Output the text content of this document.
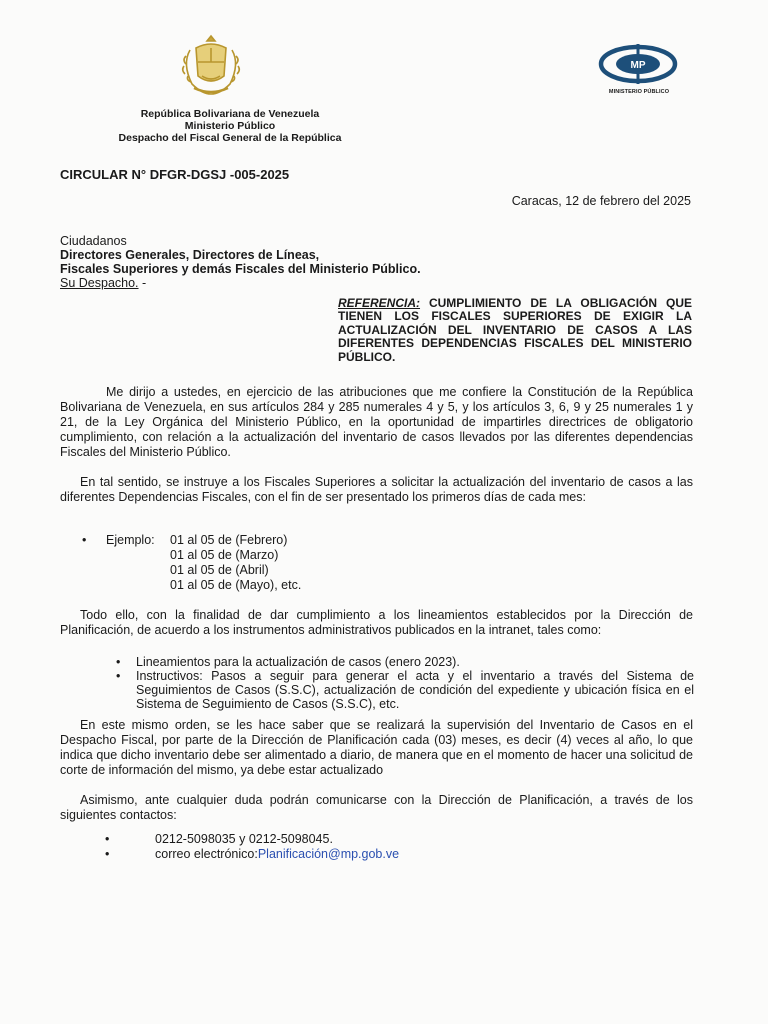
MP
MINISTERIO PÚBLICO
República Bolivariana de Venezuela
Ministerio Público
Despacho del Fiscal General de la República
CIRCULAR N° DFGR-DGSJ -005-2025
Caracas, 12 de febrero del 2025
Ciudadanos
Directores Generales, Directores de Líneas,
Fiscales Superiores y demás Fiscales del Ministerio Público.
Su Despacho. -
REFERENCIA: CUMPLIMIENTO DE LA OBLIGACIÓN QUE TIENEN LOS FISCALES SUPERIORES DE EXIGIR LA ACTUALIZACIÓN DEL INVENTARIO DE CASOS A LAS DIFERENTES DEPENDENCIAS FISCALES DEL MINISTERIO PÚBLICO.
Me dirijo a ustedes, en ejercicio de las atribuciones que me confiere la Constitución de la República Bolivariana de Venezuela, en sus artículos 284 y 285 numerales 4 y 5, y los artículos 3, 6, 9 y 25 numerales 1 y 21, de la Ley Orgánica del Ministerio Público, en la oportunidad de impartirles directrices de obligatorio cumplimiento, con relación a la actualización del inventario de casos llevados por las diferentes dependencias Fiscales del Ministerio Público.
En tal sentido, se instruye a los Fiscales Superiores a solicitar la actualización del inventario de casos a las diferentes Dependencias Fiscales, con el fin de ser presentado los primeros días de cada mes:
•	Ejemplo:	01 al 05 de (Febrero)
01 al 05 de (Marzo)
01 al 05 de (Abril)
01 al 05 de (Mayo), etc.
Todo ello, con la finalidad de dar cumplimiento a los lineamientos establecidos por la Dirección de Planificación, de acuerdo a los instrumentos administrativos publicados en la intranet, tales como:
•	Lineamientos para la actualización de casos (enero 2023).
•	Instructivos: Pasos a seguir para generar el acta y el inventario a través del Sistema de Seguimientos de Casos (S.S.C), actualización de condición del expediente y ubicación física en el Sistema de Seguimiento de Casos (S.S.C), etc.
En este mismo orden, se les hace saber que se realizará la supervisión del Inventario de Casos en el Despacho Fiscal, por parte de la Dirección de Planificación cada (03) meses, es decir (4) veces al año, lo que indica que dicho inventario debe ser alimentado a diario, de manera que en el momento de hacer una solicitud de corte de información del mismo, ya debe estar actualizado
Asimismo, ante cualquier duda podrán comunicarse con la Dirección de Planificación, a través de los siguientes contactos:
•	0212-5098035 y 0212-5098045.
•	correo electrónico: Planificación@mp.gob.ve
